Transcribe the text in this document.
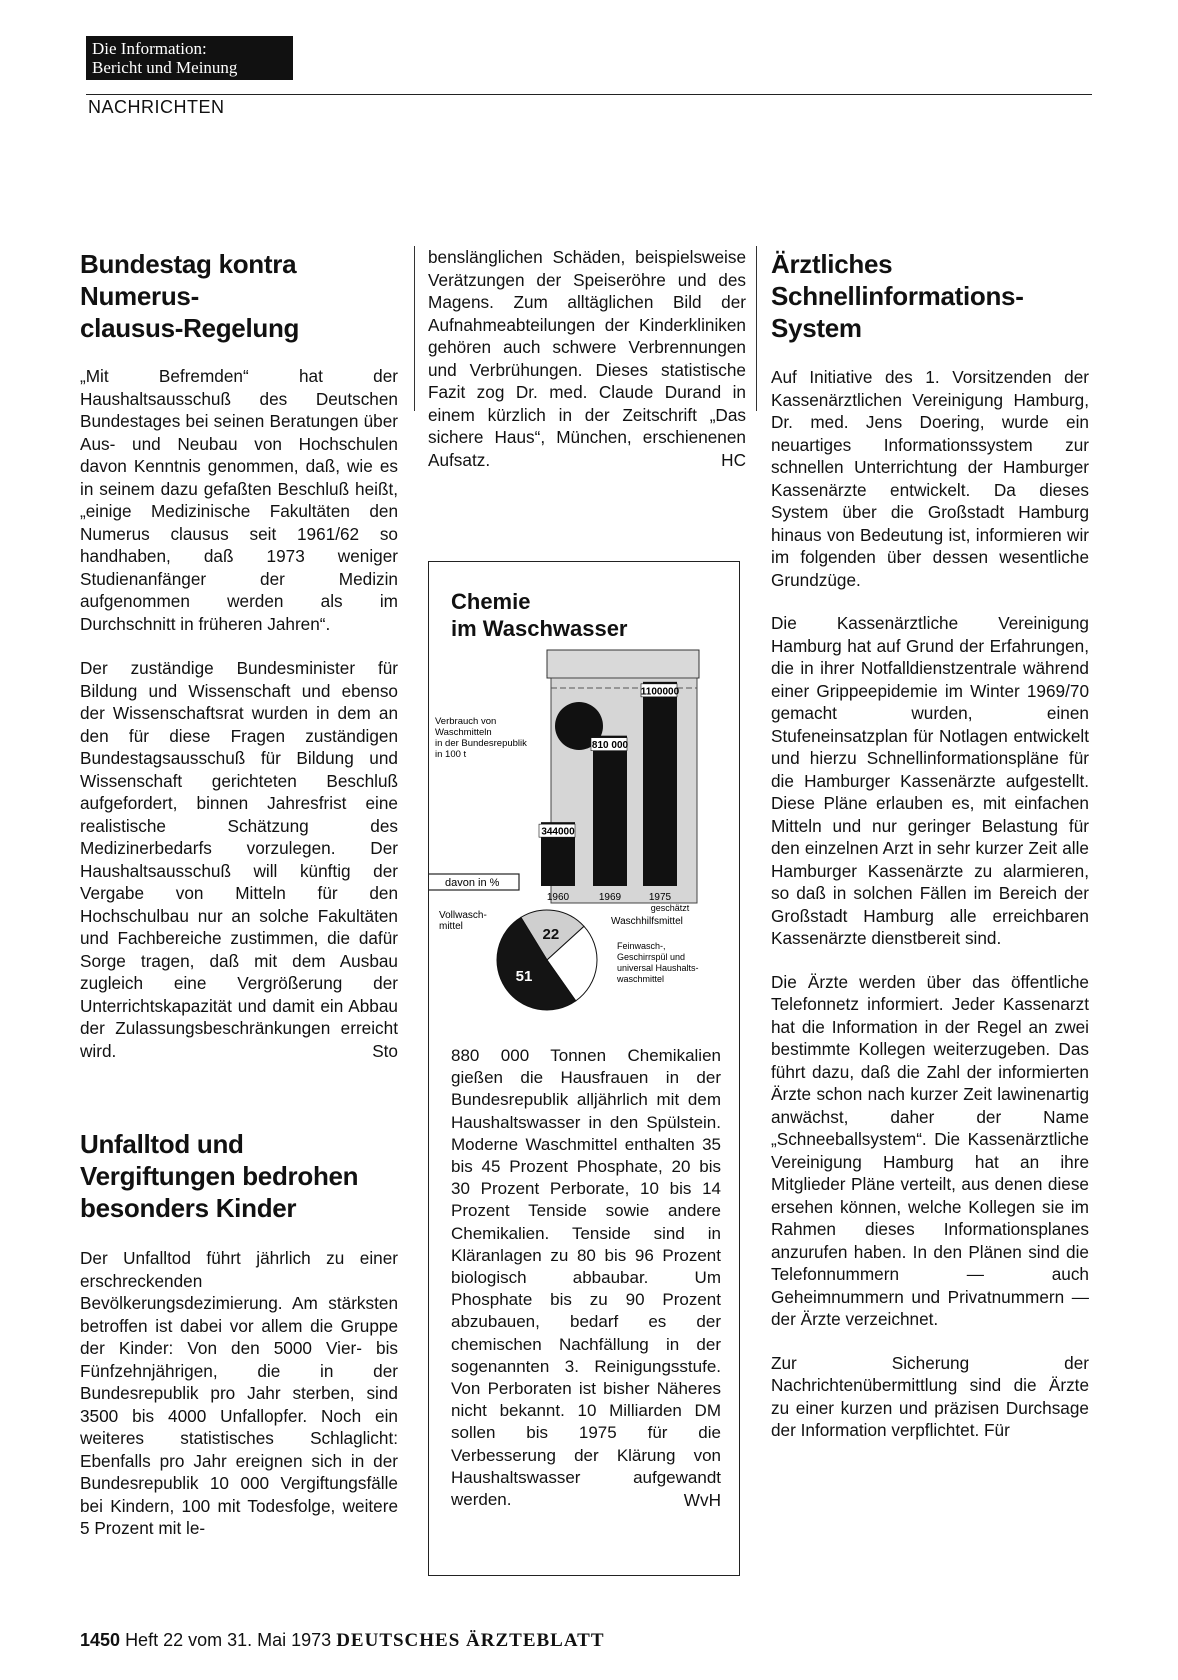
Die Information:
Bericht und Meinung
NACHRICHTEN
Bundestag kontra
Numerus-
clausus-Regelung

„Mit Befremden“ hat der Haushaltsausschuß des Deutschen Bundestages bei seinen Beratungen über Aus- und Neubau von Hochschulen davon Kenntnis genommen, daß, wie es in seinem dazu gefaßten Beschluß heißt, „einige Medizinische Fakultäten den Numerus clausus seit 1961/62 so handhaben, daß 1973 weniger Studienanfänger der Medizin aufgenommen werden als im Durchschnitt in früheren Jahren“.

Der zuständige Bundesminister für Bildung und Wissenschaft und ebenso der Wissenschaftsrat wurden in dem an den für diese Fragen zuständigen Bundestagsausschuß für Bildung und Wissenschaft gerichteten Beschluß aufgefordert, binnen Jahresfrist eine realistische Schätzung des Medizinerbedarfs vorzulegen. Der Haushaltsausschuß will künftig der Vergabe von Mitteln für den Hochschulbau nur an solche Fakultäten und Fachbereiche zustimmen, die dafür Sorge tragen, daß mit dem Ausbau zugleich eine Vergrößerung der Unterrichtskapazität und damit ein Abbau der Zulassungsbeschränkungen erreicht wird.	Sto
Unfalltod und
Vergiftungen bedrohen
besonders Kinder

Der Unfalltod führt jährlich zu einer erschreckenden Bevölkerungsdezimierung. Am stärksten betroffen ist dabei vor allem die Gruppe der Kinder: Von den 5000 Vier- bis Fünfzehnjährigen, die in der Bundesrepublik pro Jahr sterben, sind 3500 bis 4000 Unfallopfer. Noch ein weiteres statistisches Schlaglicht: Ebenfalls pro Jahr ereignen sich in der Bundesrepublik 10 000 Vergiftungsfälle bei Kindern, 100 mit Todesfolge, weitere 5 Prozent mit le-

benslänglichen Schäden, beispielsweise Verätzungen der Speiseröhre und des Magens. Zum alltäglichen Bild der Aufnahmeabteilungen der Kinderkliniken gehören auch schwere Verbrennungen und Verbrühungen. Dieses statistische Fazit zog Dr. med. Claude Durand in einem kürzlich in der Zeitschrift „Das sichere Haus“, München, erschienenen Aufsatz.	HC
Chemie
im Waschwasser
344000
810 000
1100000
1960	1969	1975
geschätzt
Verbrauch von
Waschmitteln
in der Bundesrepublik
in 100 t
davon in %
22
51
Vollwasch-
mittel	Waschhilfsmittel
Feinwasch-,
Geschirrspül und
universal Haushalts-
waschmittel

880 000 Tonnen Chemikalien gießen die Hausfrauen in der Bundesrepublik alljährlich mit dem Haushaltswasser in den Spülstein. Moderne Waschmittel enthalten 35 bis 45 Prozent Phosphate, 20 bis 30 Prozent Perborate, 10 bis 14 Prozent Tenside sowie andere Chemikalien. Tenside sind in Kläranlagen zu 80 bis 96 Prozent biologisch abbaubar. Um Phosphate bis zu 90 Prozent abzubauen, bedarf es der chemischen Nachfällung in der sogenannten 3. Reinigungsstufe. Von Perboraten ist bisher Näheres nicht bekannt. 10 Milliarden DM sollen bis 1975 für die Verbesserung der Klärung von Haushaltswasser aufgewandt werden.	WvH
Ärztliches
Schnellinformations-
System

Auf Initiative des 1. Vorsitzenden der Kassenärztlichen Vereinigung Hamburg, Dr. med. Jens Doering, wurde ein neuartiges Informationssystem zur schnellen Unterrichtung der Hamburger Kassenärzte entwickelt. Da dieses System über die Großstadt Hamburg hinaus von Bedeutung ist, informieren wir im folgenden über dessen wesentliche Grundzüge.

Die Kassenärztliche Vereinigung Hamburg hat auf Grund der Erfahrungen, die in ihrer Notfalldienstzentrale während einer Grippeepidemie im Winter 1969/70 gemacht wurden, einen Stufeneinsatzplan für Notlagen entwickelt und hierzu Schnellinformationspläne für die Hamburger Kassenärzte aufgestellt. Diese Pläne erlauben es, mit einfachen Mitteln und nur geringer Belastung für den einzelnen Arzt in sehr kurzer Zeit alle Hamburger Kassenärzte zu alarmieren, so daß in solchen Fällen im Bereich der Großstadt Hamburg alle erreichbaren Kassenärzte dienstbereit sind.

Die Ärzte werden über das öffentliche Telefonnetz informiert. Jeder Kassenarzt hat die Information in der Regel an zwei bestimmte Kollegen weiterzugeben. Das führt dazu, daß die Zahl der informierten Ärzte schon nach kurzer Zeit lawinenartig anwächst, daher der Name „Schneeballsystem“. Die Kassenärztliche Vereinigung Hamburg hat an ihre Mitglieder Pläne verteilt, aus denen diese ersehen können, welche Kollegen sie im Rahmen dieses Informationsplanes anzurufen haben. In den Plänen sind die Telefonnummern — auch Geheimnummern und Privatnummern — der Ärzte verzeichnet.

Zur Sicherung der Nachrichtenübermittlung sind die Ärzte zu einer kurzen und präzisen Durchsage der Information verpflichtet. Für

1450 Heft 22 vom 31. Mai 1973 DEUTSCHES ÄRZTEBLATT
